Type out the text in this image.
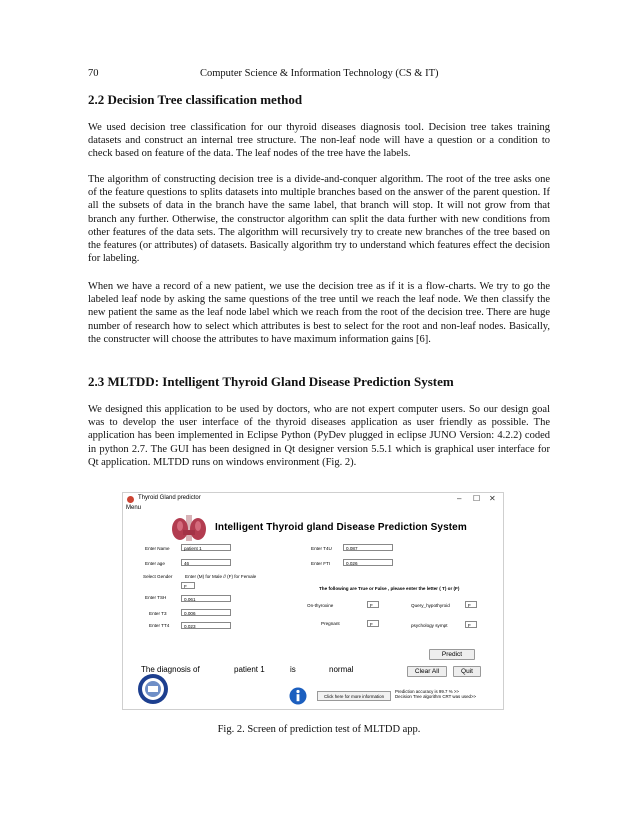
70	Computer Science & Information Technology (CS & IT)
2.2 Decision Tree classification method

We used decision tree classification for our thyroid diseases diagnosis tool. Decision tree takes training datasets and construct an internal tree structure. The non-leaf node will have a question or a condition to check based on feature of the data. The leaf nodes of the tree have the labels.

The algorithm of constructing decision tree is a divide-and-conquer algorithm. The root of the tree asks one of the feature questions to splits datasets into multiple branches based on the answer of the parent question. If all the subsets of data in the branch have the same label, that branch will stop. It will not grow from that branch any further. Otherwise, the constructor algorithm can split the data further with new conditions from other features of the data sets. The algorithm will recursively try to create new branches of the tree based on the features (or attributes) of datasets. Basically algorithm try to understand which features effect the decision for labeling.

When we have a record of a new patient, we use the decision tree as if it is a flow-charts. We try to go the labeled leaf node by asking the same questions of the tree until we reach the leaf node. We then classify the new patient the same as the leaf node label which we reach from the root of the decision tree. There are huge number of research how to select which attributes is best to select for the root and non-leaf nodes. Basically, the constructer will choose the attributes to have maximum information gains [6].

2.3 MLTDD: Intelligent Thyroid Gland Disease Prediction System

We designed this application to be used by doctors, who are not expert computer users. So our design goal was to develop the user interface of the thyroid diseases application as user friendly as possible. The application has been implemented in Eclipse Python (PyDev plugged in eclipse JUNO Version: 4.2.2) coded in python 2.7. The GUI has been designed in Qt designer version 5.5.1 which is graphical user interface for Qt application. MLTDD runs on windows environment (Fig. 2).

Thyroid Gland predictor	– ☐ ✕
Menu
Intelligent Thyroid gland Disease Prediction System
Enter Name	patient 1
Enter age	46
Select Gender	Enter (M) for Male // (F) for Female
F
Enter TSH	0.061
Enter T3	0.006
Enter TT4	0.023
Enter T4U	0.087
Enter FTI	0.026
The following are True or False , please enter the letter ( T) or (F)
On-thyroxine	F	Query_hypothyroid	F
Pregnant	F	psychology sympt	F
Predict
Clear All	Quit
The diagnosis of	patient 1	is	normal
Click here for more information
Prediction accuracy is 99.7 % >>
Decision Tree algorithm CRT was used>>
Fig. 2. Screen of prediction test of MLTDD app.
